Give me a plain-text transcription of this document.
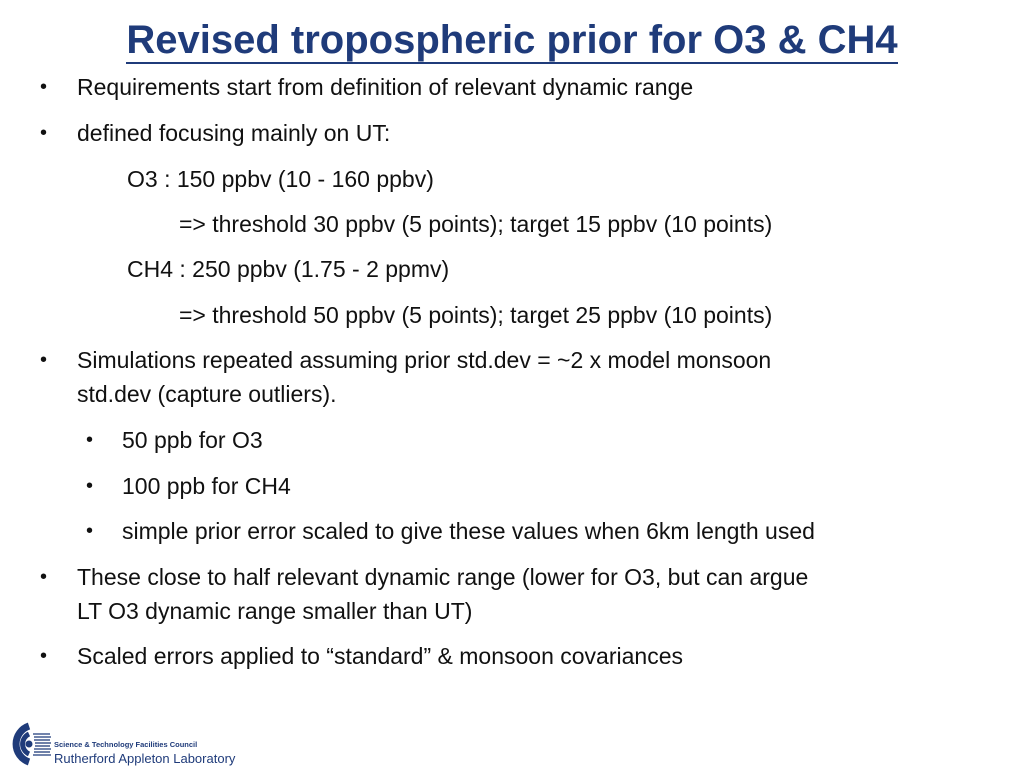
Revised tropospheric prior for O3 & CH4
• Requirements start from definition of relevant dynamic range
• defined focusing mainly on UT:
O3 : 150 ppbv (10 - 160 ppbv)
=> threshold 30 ppbv (5 points); target 15 ppbv (10 points)
CH4 : 250 ppbv (1.75 - 2 ppmv)
=> threshold 50 ppbv (5 points); target 25 ppbv (10 points)
• Simulations repeated assuming prior std.dev = ~2 x model monsoon
std.dev (capture outliers).
• 50 ppb for O3
• 100 ppb for CH4
• simple prior error scaled to give these values when 6km length used
• These close to half relevant dynamic range (lower for O3, but can argue
LT O3 dynamic range smaller than UT)
• Scaled errors applied to “standard” & monsoon covariances
Science & Technology Facilities Council
Rutherford Appleton Laboratory
